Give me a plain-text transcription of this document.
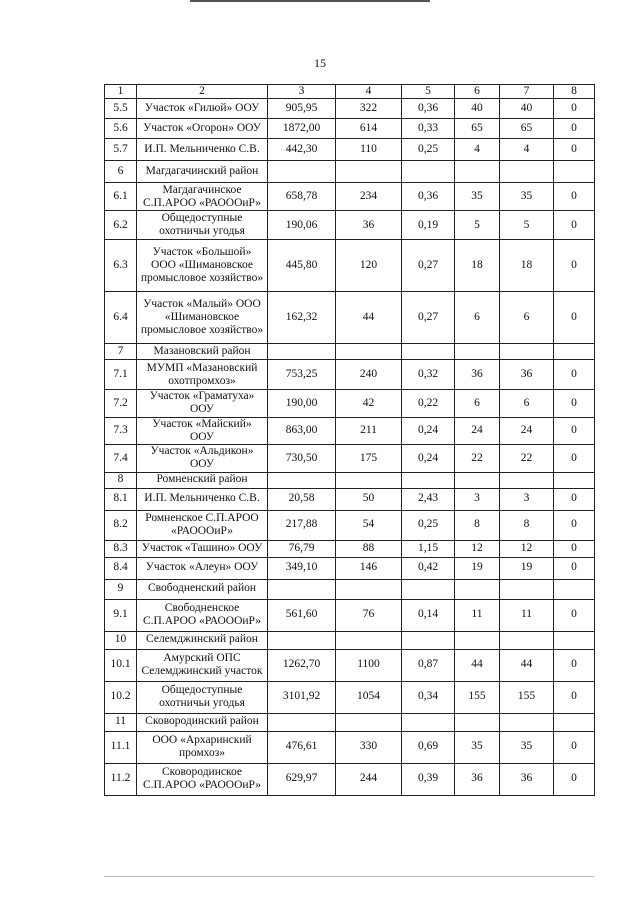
15
1	2	3	4	5	6	7	8
5.5	Участок «Гилюй» ООУ	905,95	322	0,36	40	40	0
5.6	Участок «Огорон» ООУ	1872,00	614	0,33	65	65	0
5.7	И.П. Мельниченко С.В.	442,30	110	0,25	4	4	0
6	Магдагачинский район						
6.1	Магдагачинское С.П.АРОО «РАОООиР»	658,78	234	0,36	35	35	0
6.2	Общедоступные охотничьи угодья	190,06	36	0,19	5	5	0
6.3	Участок «Большой» ООО «Шимановское промысловое хозяйство»	445,80	120	0,27	18	18	0
6.4	Участок «Малый» ООО «Шимановское промысловое хозяйство»	162,32	44	0,27	6	6	0
7	Мазановский район						
7.1	МУМП «Мазановский охотпромхоз»	753,25	240	0,32	36	36	0
7.2	Участок «Граматуха» ООУ	190,00	42	0,22	6	6	0
7.3	Участок «Майский» ООУ	863,00	211	0,24	24	24	0
7.4	Участок «Альдикон» ООУ	730,50	175	0,24	22	22	0
8	Ромненский район						
8.1	И.П. Мельниченко С.В.	20,58	50	2,43	3	3	0
8.2	Ромненское С.П.АРОО «РАОООиР»	217,88	54	0,25	8	8	0
8.3	Участок «Ташино» ООУ	76,79	88	1,15	12	12	0
8.4	Участок «Алеун» ООУ	349,10	146	0,42	19	19	0
9	Свободненский район						
9.1	Свободненское С.П.АРОО «РАОООиР»	561,60	76	0,14	11	11	0
10	Селемджинский район						
10.1	Амурский ОПС Селемджинский участок	1262,70	1100	0,87	44	44	0
10.2	Общедоступные охотничьи угодья	3101,92	1054	0,34	155	155	0
11	Сковородинский район						
11.1	ООО «Архаринский промхоз»	476,61	330	0,69	35	35	0
11.2	Сковородинское С.П.АРОО «РАОООиР»	629,97	244	0,39	36	36	0
